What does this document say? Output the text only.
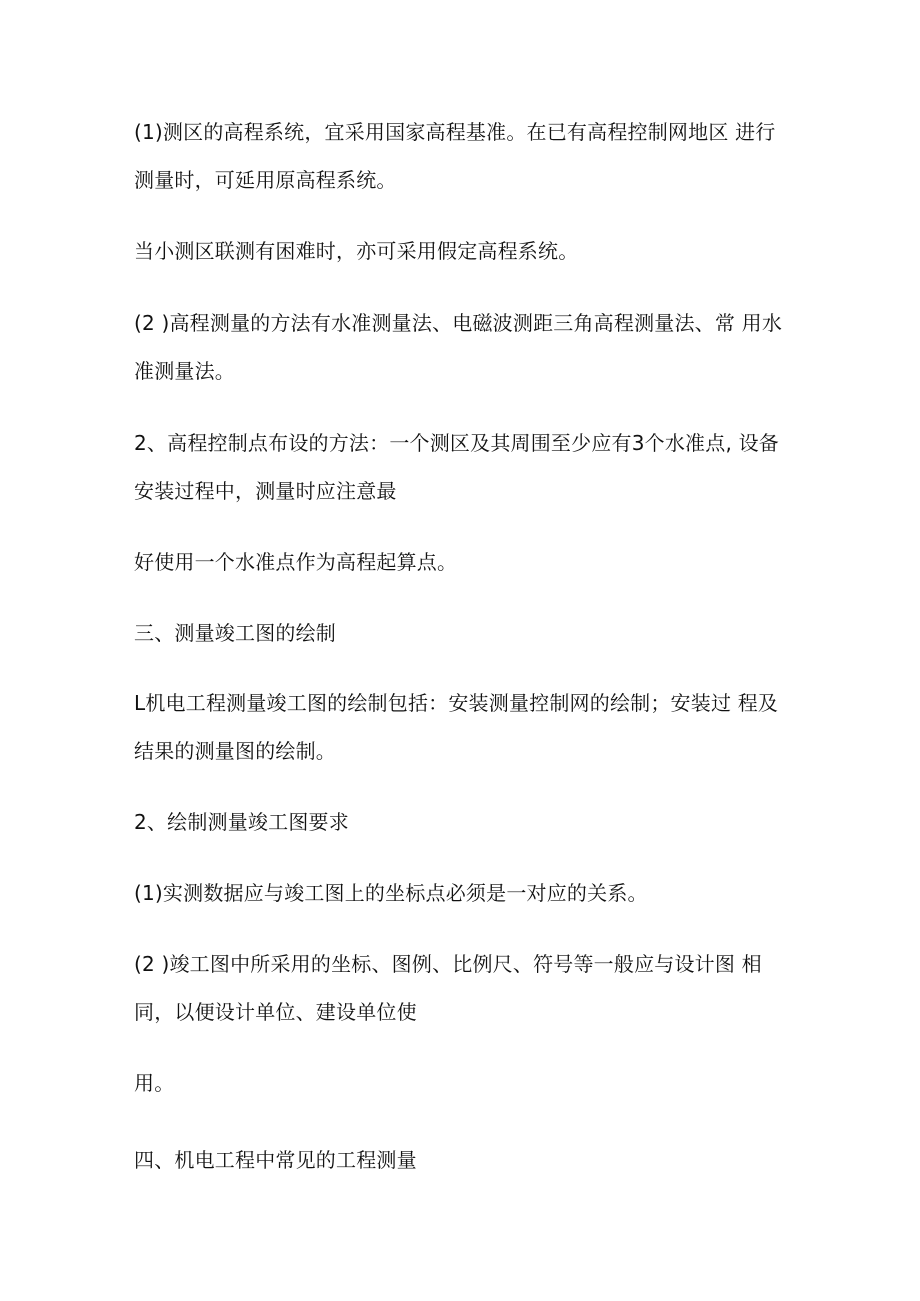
(1)测区的高程系统，宜采用国家高程基准。在已有高程控制网地区 进行
测量时，可延用原高程系统。
当小测区联测有困难时，亦可采用假定高程系统。
(2 )高程测量的方法有水准测量法、电磁波测距三角高程测量法、常 用水
准测量法。
2、高程控制点布设的方法：一个测区及其周围至少应有3个水准点, 设备
安装过程中，测量时应注意最
好使用一个水准点作为高程起算点。
三、测量竣工图的绘制
L机电工程测量竣工图的绘制包括：安装测量控制网的绘制；安装过 程及
结果的测量图的绘制。
2、绘制测量竣工图要求
(1)实测数据应与竣工图上的坐标点必须是一对应的关系。
(2 )竣工图中所采用的坐标、图例、比例尺、符号等一般应与设计图 相
同，以便设计单位、建设单位使
用。
四、机电工程中常见的工程测量
